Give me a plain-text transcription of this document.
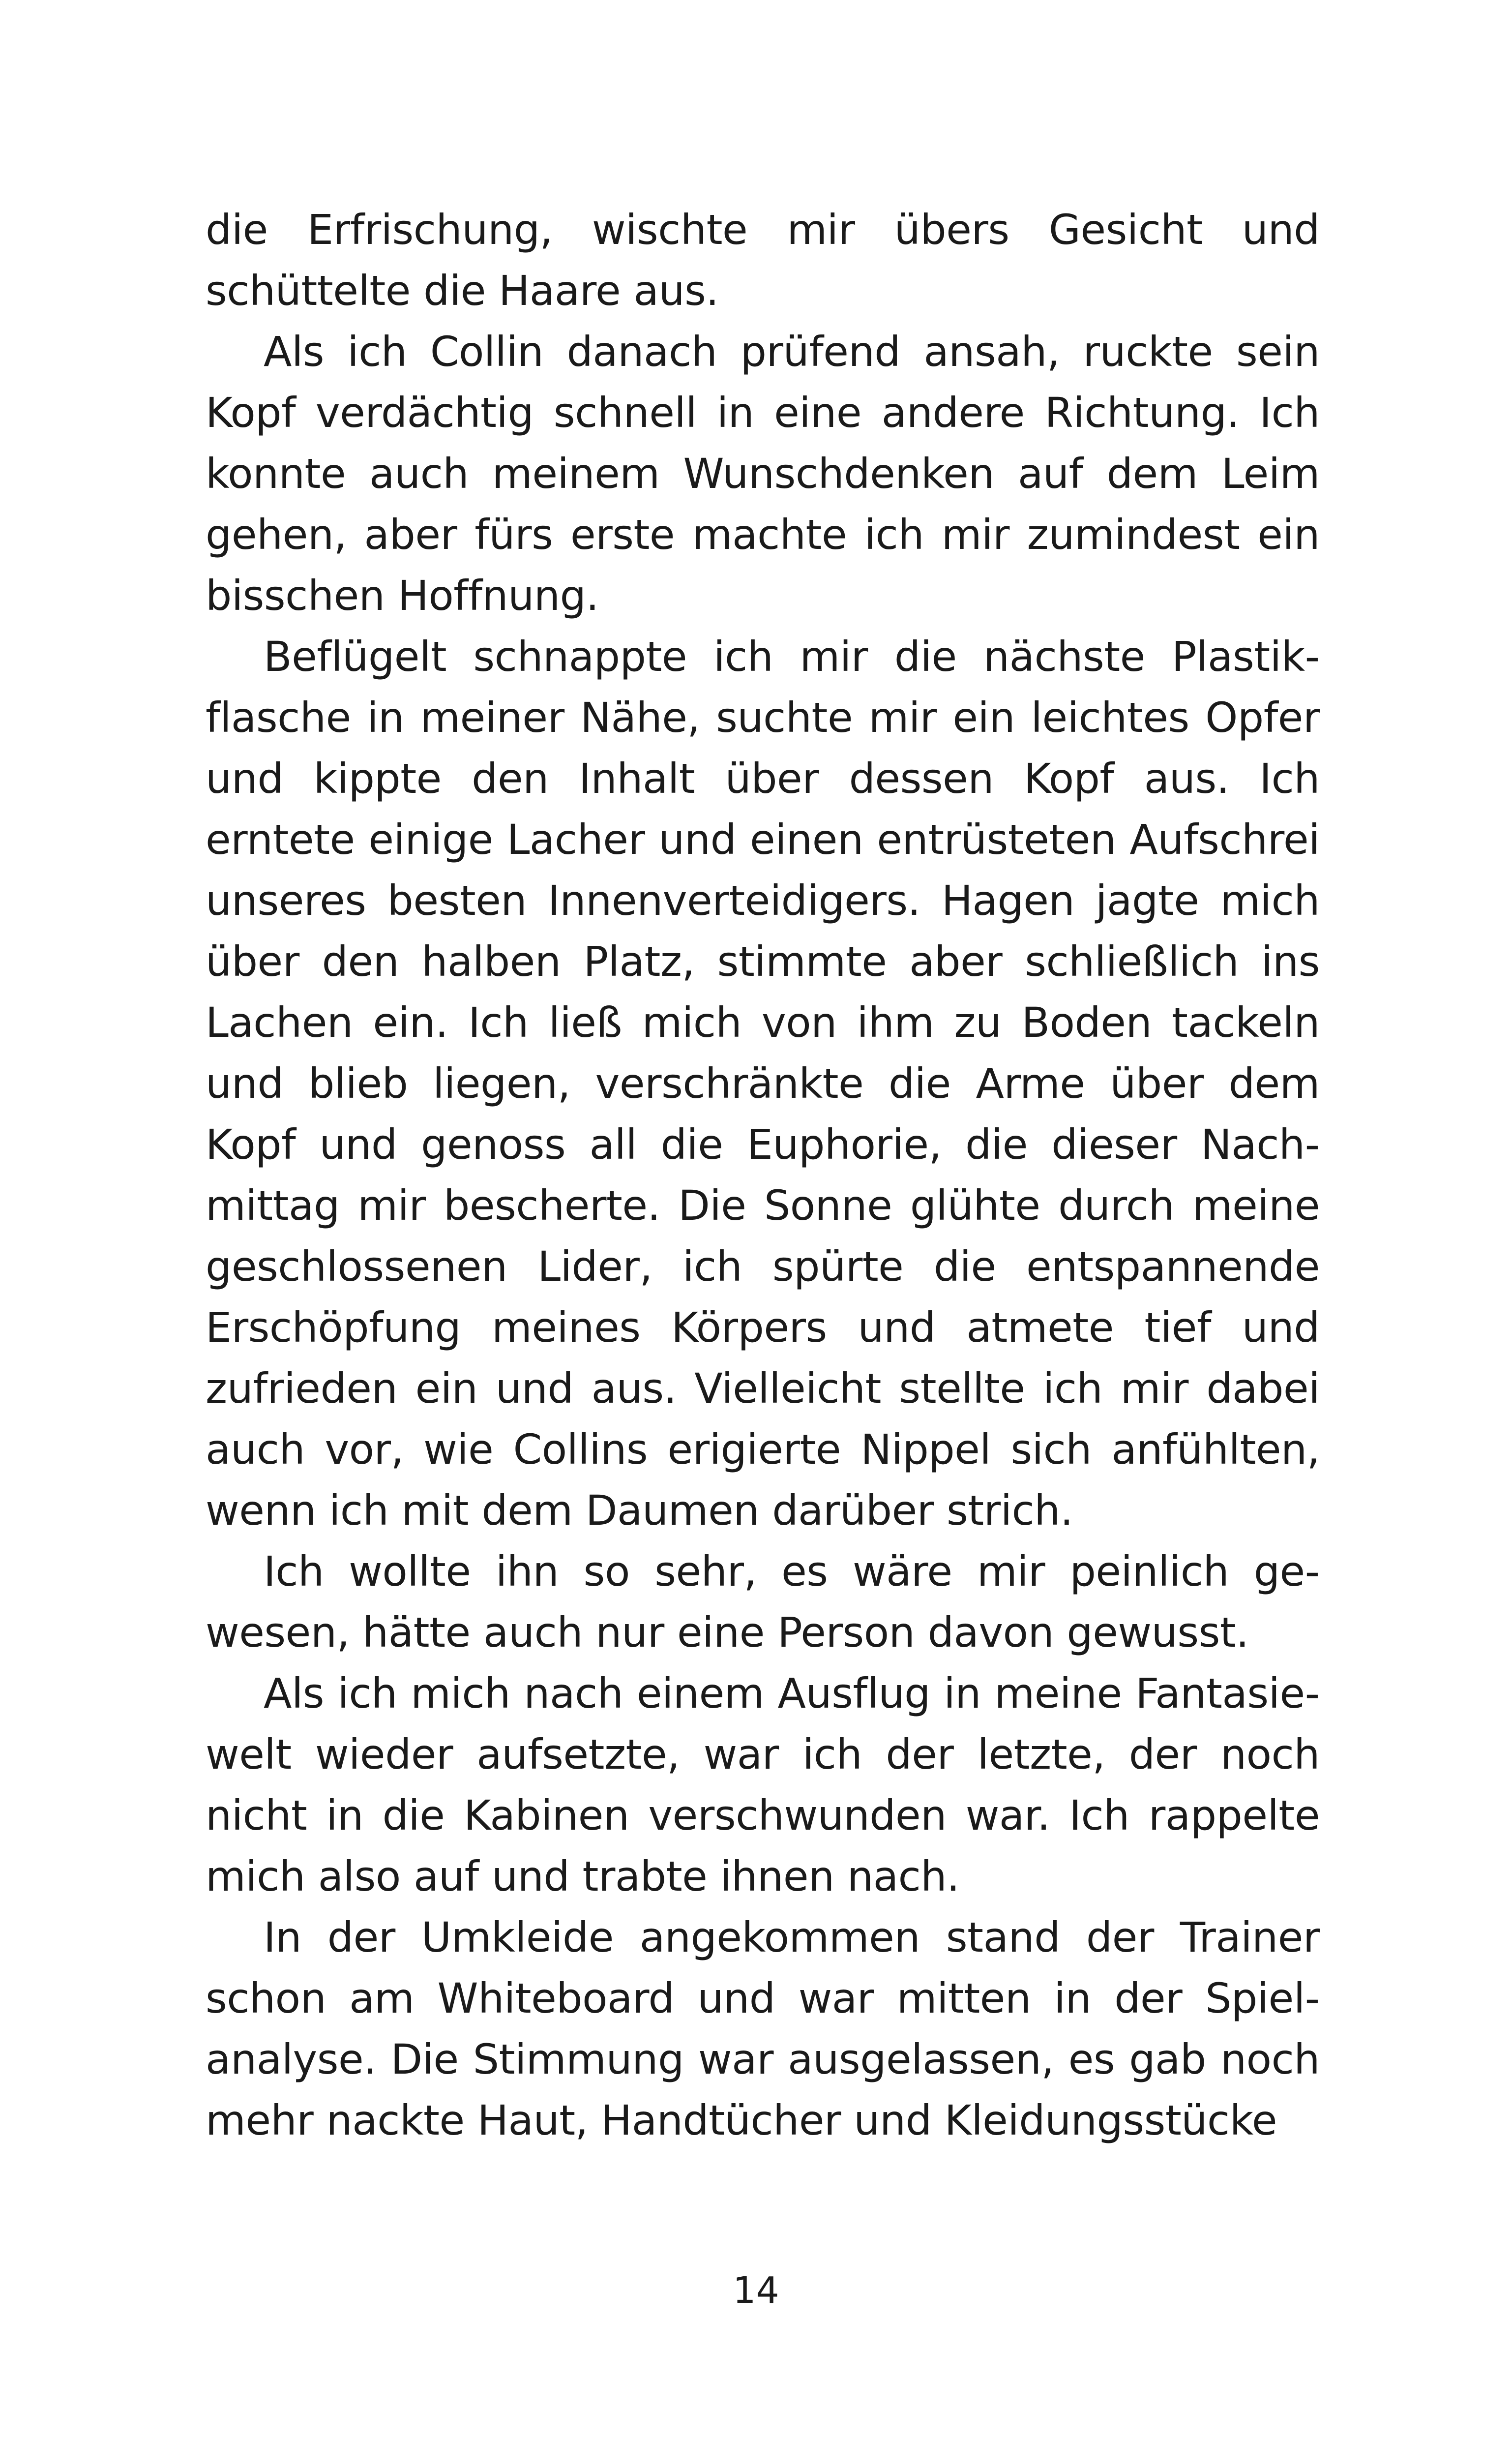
die Erfrischung, wischte mir übers Gesicht und schüttelte die Haare aus.

Als ich Collin danach prüfend ansah, ruckte sein Kopf verdächtig schnell in eine andere Richtung. Ich konnte auch meinem Wunschdenken auf dem Leim gehen, aber fürs erste machte ich mir zumindest ein bisschen Hoffnung.

Beflügelt schnappte ich mir die nächste Plastikflasche in meiner Nähe, suchte mir ein leichtes Opfer und kippte den Inhalt über dessen Kopf aus. Ich erntete einige Lacher und einen entrüsteten Aufschrei unseres besten Innenverteidigers. Hagen jagte mich über den halben Platz, stimmte aber schließlich ins Lachen ein. Ich ließ mich von ihm zu Boden tackeln und blieb liegen, verschränkte die Arme über dem Kopf und genoss all die Euphorie, die dieser Nachmittag mir bescherte. Die Sonne glühte durch meine geschlossenen Lider, ich spürte die entspannende Erschöpfung meines Körpers und atmete tief und zufrieden ein und aus. Vielleicht stellte ich mir dabei auch vor, wie Collins erigierte Nippel sich anfühlten, wenn ich mit dem Daumen darüber strich.

Ich wollte ihn so sehr, es wäre mir peinlich gewesen, hätte auch nur eine Person davon gewusst.

Als ich mich nach einem Ausflug in meine Fantasiewelt wieder aufsetzte, war ich der letzte, der noch nicht in die Kabinen verschwunden war. Ich rappelte mich also auf und trabte ihnen nach.

In der Umkleide angekommen stand der Trainer schon am Whiteboard und war mitten in der Spielanalyse. Die Stimmung war ausgelassen, es gab noch mehr nackte Haut, Handtücher und Kleidungsstücke

14
